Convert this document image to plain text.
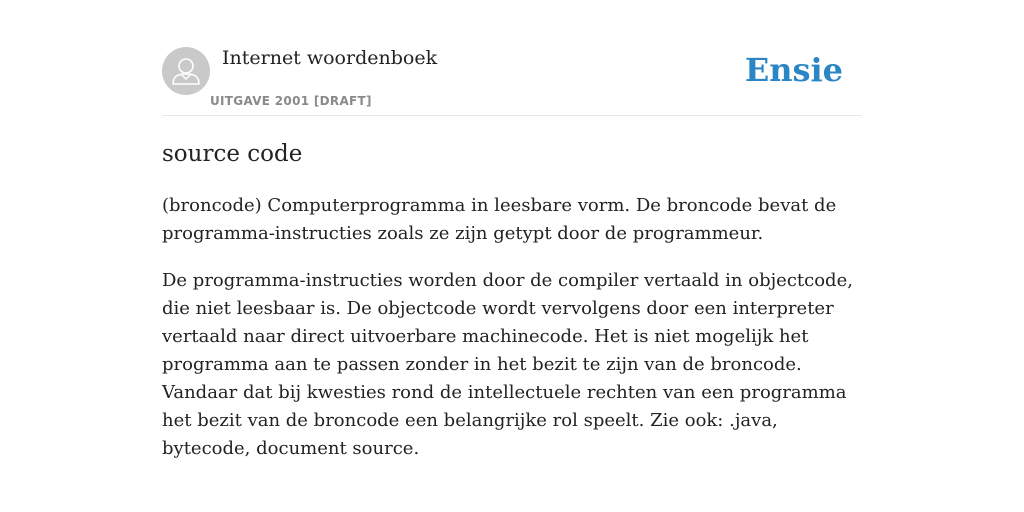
Internet woordenboek
UITGAVE 2001 [DRAFT]
Ensie
source code

(broncode) Computerprogramma in leesbare vorm. De broncode bevat de programma-instructies zoals ze zijn getypt door de programmeur.

De programma-instructies worden door de compiler vertaald in objectcode, die niet leesbaar is. De objectcode wordt vervolgens door een interpreter vertaald naar direct uitvoerbare machinecode. Het is niet mogelijk het programma aan te passen zonder in het bezit te zijn van de broncode. Vandaar dat bij kwesties rond de intellectuele rechten van een programma het bezit van de broncode een belangrijke rol speelt. Zie ook: .java, bytecode, document source.
